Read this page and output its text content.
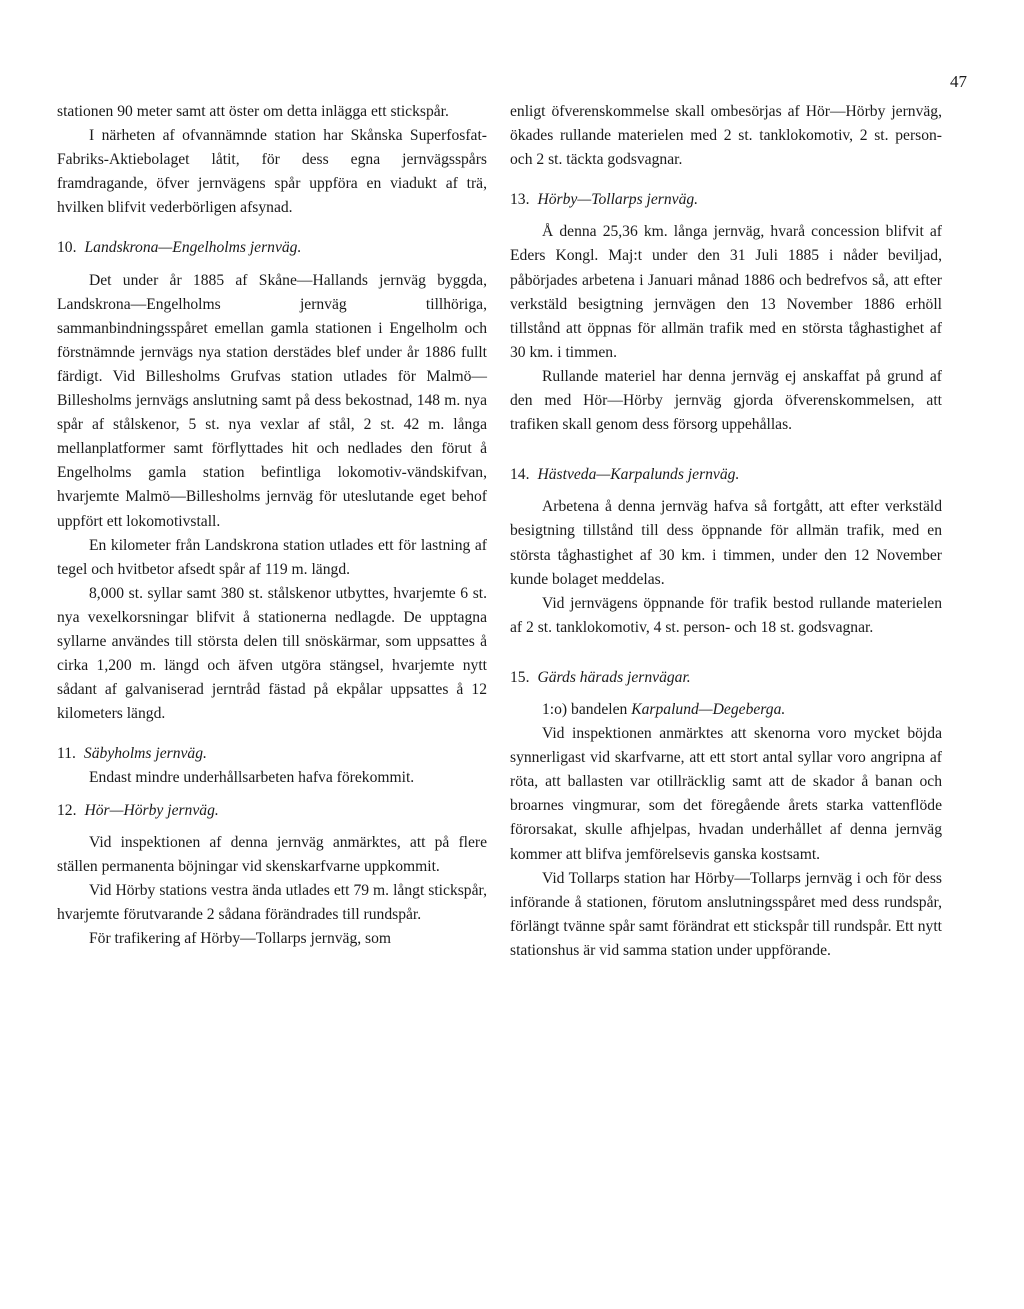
47

stationen 90 meter samt att öster om detta inlägga ett stickspår.

I närheten af ofvannämnde station har Skånska Superfosfat-Fabriks-Aktiebolaget låtit, för dess egna jernvägsspårs framdragande, öfver jernvägens spår uppföra en viadukt af trä, hvilken blifvit vederbörligen afsynad.

10. Landskrona—Engelholms jernväg.

Det under år 1885 af Skåne—Hallands jernväg byggda, Landskrona—Engelholms jernväg tillhöriga, sammanbindningsspåret emellan gamla stationen i Engelholm och förstnämnde jernvägs nya station derstädes blef under år 1886 fullt färdigt. Vid Billesholms Grufvas station utlades för Malmö—Billesholms jernvägs anslutning samt på dess bekostnad, 148 m. nya spår af stålskenor, 5 st. nya vexlar af stål, 2 st. 42 m. långa mellanplatformer samt förflyttades hit och nedlades den förut å Engelholms gamla station befintliga lokomotiv-vändskifvan, hvarjemte Malmö—Billesholms jernväg för uteslutande eget behof uppfört ett lokomotivstall.

En kilometer från Landskrona station utlades ett för lastning af tegel och hvitbetor afsedt spår af 119 m. längd.

8,000 st. syllar samt 380 st. stålskenor utbyttes, hvarjemte 6 st. nya vexelkorsningar blifvit å stationerna nedlagde. De upptagna syllarne användes till största delen till snöskärmar, som uppsattes å cirka 1,200 m. längd och äfven utgöra stängsel, hvarjemte nytt sådant af galvaniserad jerntråd fästad på ekpålar uppsattes å 12 kilometers längd.

11. Säbyholms jernväg.

Endast mindre underhållsarbeten hafva förekommit.

12. Hör—Hörby jernväg.

Vid inspektionen af denna jernväg anmärktes, att på flere ställen permanenta böjningar vid skenskarfvarne uppkommit.

Vid Hörby stations vestra ända utlades ett 79 m. långt stickspår, hvarjemte förutvarande 2 sådana förändrades till rundspår.

För trafikering af Hörby—Tollarps jernväg, som

enligt öfverenskommelse skall ombesörjas af Hör—Hörby jernväg, ökades rullande materielen med 2 st. tanklokomotiv, 2 st. person- och 2 st. täckta godsvagnar.

13. Hörby—Tollarps jernväg.

Å denna 25,36 km. långa jernväg, hvarå concession blifvit af Eders Kongl. Maj:t under den 31 Juli 1885 i nåder beviljad, påbörjades arbetena i Januari månad 1886 och bedrefvos så, att efter verkstäld besigtning jernvägen den 13 November 1886 erhöll tillstånd att öppnas för allmän trafik med en största tåghastighet af 30 km. i timmen.

Rullande materiel har denna jernväg ej anskaffat på grund af den med Hör—Hörby jernväg gjorda öfverenskommelsen, att trafiken skall genom dess försorg uppehållas.

14. Hästveda—Karpalunds jernväg.

Arbetena å denna jernväg hafva så fortgått, att efter verkstäld besigtning tillstånd till dess öppnande för allmän trafik, med en största tåghastighet af 30 km. i timmen, under den 12 November kunde bolaget meddelas.

Vid jernvägens öppnande för trafik bestod rullande materielen af 2 st. tanklokomotiv, 4 st. person- och 18 st. godsvagnar.

15. Gärds härads jernvägar.

1:o) bandelen Karpalund—Degeberga.

Vid inspektionen anmärktes att skenorna voro mycket böjda synnerligast vid skarfvarne, att ett stort antal syllar voro angripna af röta, att ballasten var otillräcklig samt att de skador å banan och broarnes vingmurar, som det föregående årets starka vattenflöde förorsakat, skulle afhjelpas, hvadan underhållet af denna jernväg kommer att blifva jemförelsevis ganska kostsamt.

Vid Tollarps station har Hörby—Tollarps jernväg i och för dess införande å stationen, förutom anslutningsspåret med dess rundspår, förlängt tvänne spår samt förändrat ett stickspår till rundspår. Ett nytt stationshus är vid samma station under uppförande.
